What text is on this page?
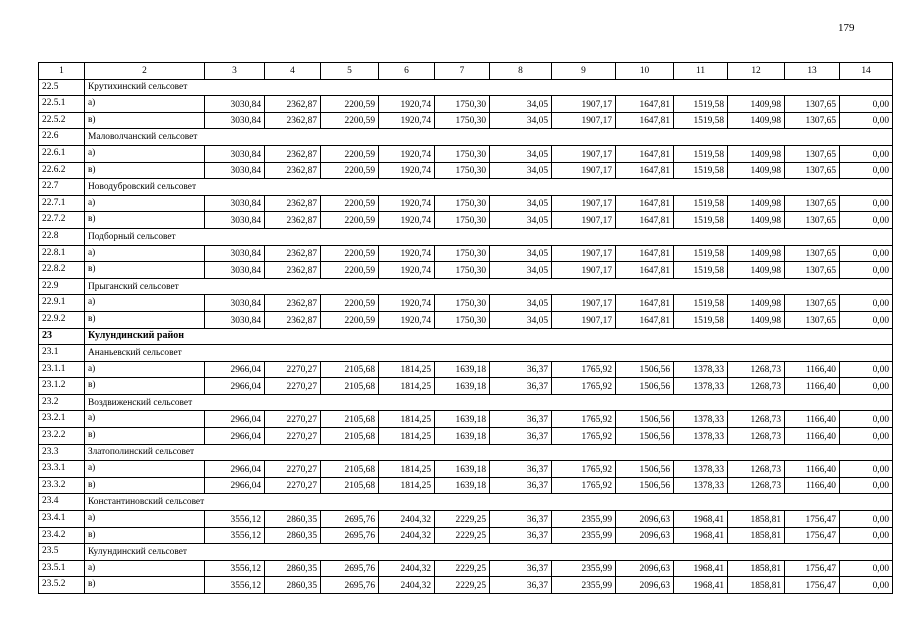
179
1	2	3	4	5	6	7	8	9	10	11	12	13	14
22.5	Крутихинский сельсовет												
22.5.1	а)	3030,84	2362,87	2200,59	1920,74	1750,30	34,05	1907,17	1647,81	1519,58	1409,98	1307,65	0,00
22.5.2	в)	3030,84	2362,87	2200,59	1920,74	1750,30	34,05	1907,17	1647,81	1519,58	1409,98	1307,65	0,00
22.6	Маловолчанский сельсовет												
22.6.1	а)	3030,84	2362,87	2200,59	1920,74	1750,30	34,05	1907,17	1647,81	1519,58	1409,98	1307,65	0,00
22.6.2	в)	3030,84	2362,87	2200,59	1920,74	1750,30	34,05	1907,17	1647,81	1519,58	1409,98	1307,65	0,00
22.7	Новодубровский сельсовет												
22.7.1	а)	3030,84	2362,87	2200,59	1920,74	1750,30	34,05	1907,17	1647,81	1519,58	1409,98	1307,65	0,00
22.7.2	в)	3030,84	2362,87	2200,59	1920,74	1750,30	34,05	1907,17	1647,81	1519,58	1409,98	1307,65	0,00
22.8	Подборный сельсовет												
22.8.1	а)	3030,84	2362,87	2200,59	1920,74	1750,30	34,05	1907,17	1647,81	1519,58	1409,98	1307,65	0,00
22.8.2	в)	3030,84	2362,87	2200,59	1920,74	1750,30	34,05	1907,17	1647,81	1519,58	1409,98	1307,65	0,00
22.9	Прыганский сельсовет												
22.9.1	а)	3030,84	2362,87	2200,59	1920,74	1750,30	34,05	1907,17	1647,81	1519,58	1409,98	1307,65	0,00
22.9.2	в)	3030,84	2362,87	2200,59	1920,74	1750,30	34,05	1907,17	1647,81	1519,58	1409,98	1307,65	0,00
23	Кулундинский район												
23.1	Ананьевский сельсовет												
23.1.1	а)	2966,04	2270,27	2105,68	1814,25	1639,18	36,37	1765,92	1506,56	1378,33	1268,73	1166,40	0,00
23.1.2	в)	2966,04	2270,27	2105,68	1814,25	1639,18	36,37	1765,92	1506,56	1378,33	1268,73	1166,40	0,00
23.2	Воздвиженский сельсовет												
23.2.1	а)	2966,04	2270,27	2105,68	1814,25	1639,18	36,37	1765,92	1506,56	1378,33	1268,73	1166,40	0,00
23.2.2	в)	2966,04	2270,27	2105,68	1814,25	1639,18	36,37	1765,92	1506,56	1378,33	1268,73	1166,40	0,00
23.3	Златополинский сельсовет												
23.3.1	а)	2966,04	2270,27	2105,68	1814,25	1639,18	36,37	1765,92	1506,56	1378,33	1268,73	1166,40	0,00
23.3.2	в)	2966,04	2270,27	2105,68	1814,25	1639,18	36,37	1765,92	1506,56	1378,33	1268,73	1166,40	0,00
23.4	Константиновский сельсовет												
23.4.1	а)	3556,12	2860,35	2695,76	2404,32	2229,25	36,37	2355,99	2096,63	1968,41	1858,81	1756,47	0,00
23.4.2	в)	3556,12	2860,35	2695,76	2404,32	2229,25	36,37	2355,99	2096,63	1968,41	1858,81	1756,47	0,00
23.5	Кулундинский сельсовет												
23.5.1	а)	3556,12	2860,35	2695,76	2404,32	2229,25	36,37	2355,99	2096,63	1968,41	1858,81	1756,47	0,00
23.5.2	в)	3556,12	2860,35	2695,76	2404,32	2229,25	36,37	2355,99	2096,63	1968,41	1858,81	1756,47	0,00
